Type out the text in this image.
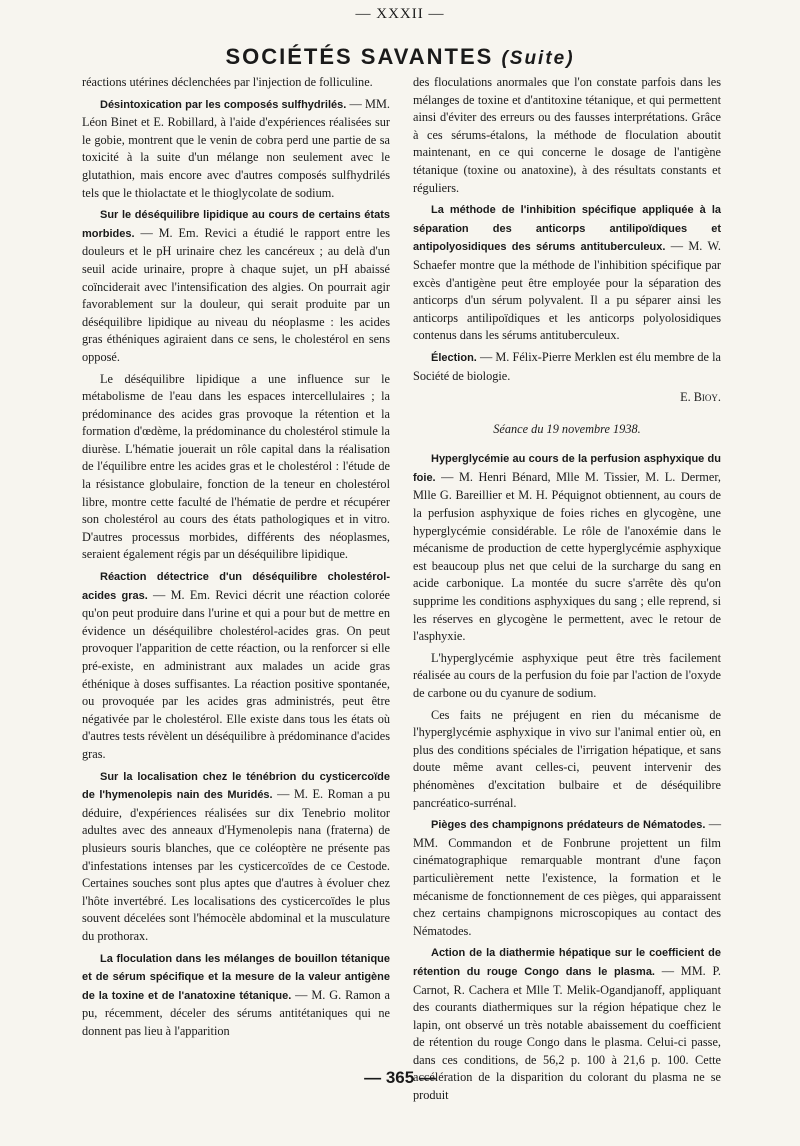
— XXXII —
SOCIÉTÉS SAVANTES (Suite)

réactions utérines déclenchées par l'injection de folliculine.

Désintoxication par les composés sulfhydrilés. — MM. Léon Binet et E. Robillard, à l'aide d'expériences réalisées sur le gobie, montrent que le venin de cobra perd une partie de sa toxicité à la suite d'un mélange non seulement avec le glutathion, mais encore avec d'autres composés sulfhydrilés tels que le thiolactate et le thioglycolate de sodium.

Sur le déséquilibre lipidique au cours de certains états morbides. — M. Em. Revici a étudié le rapport entre les douleurs et le pH urinaire chez les cancéreux ; au delà d'un seuil acide urinaire, propre à chaque sujet, un pH abaissé coïnciderait avec l'intensification des algies. On pourrait agir favorablement sur la douleur, qui serait produite par un déséquilibre lipidique au niveau du néoplasme : les acides gras éthéniques agiraient dans ce sens, le cholestérol en sens opposé.

Le déséquilibre lipidique a une influence sur le métabolisme de l'eau dans les espaces intercellulaires ; la prédominance des acides gras provoque la rétention et la formation d'œdème, la prédominance du cholestérol stimule la diurèse. L'hématie jouerait un rôle capital dans la réalisation de l'équilibre entre les acides gras et le cholestérol : l'étude de la résistance globulaire, fonction de la teneur en cholestérol libre, montre cette faculté de l'hématie de perdre et récupérer son cholestérol au cours des états pathologiques et in vitro. D'autres processus morbides, différents des néoplasmes, seraient également régis par un déséquilibre lipidique.

Réaction détectrice d'un déséquilibre cholestérol-acides gras. — M. Em. Revici décrit une réaction colorée qu'on peut produire dans l'urine et qui a pour but de mettre en évidence un déséquilibre cholestérol-acides gras. On peut provoquer l'apparition de cette réaction, ou la renforcer si elle pré-existe, en administrant aux malades un acide gras éthénique à doses suffisantes. La réaction positive spontanée, ou provoquée par les acides gras administrés, peut être négativée par le cholestérol. Elle existe dans tous les états où d'autres tests révèlent un déséquilibre à prédominance d'acides gras.

Sur la localisation chez le ténébrion du cysticercoïde de l'hymenolepis nain des Muridés. — M. E. Roman a pu déduire, d'expériences réalisées sur dix Tenebrio molitor adultes avec des anneaux d'Hymenolepis nana (fraterna) de plusieurs souris blanches, que ce coléoptère ne présente pas d'infestations intenses par les cysticercoïdes de ce Cestode. Certaines souches sont plus aptes que d'autres à évoluer chez l'hôte invertébré. Les localisations des cysticercoïdes le plus souvent décelées sont l'hémocèle abdominal et la musculature du prothorax.

La floculation dans les mélanges de bouillon tétanique et de sérum spécifique et la mesure de la valeur antigène de la toxine et de l'anatoxine tétanique. — M. G. Ramon a pu, récemment, déceler des sérums antitétaniques qui ne donnent pas lieu à l'apparition

des floculations anormales que l'on constate parfois dans les mélanges de toxine et d'antitoxine tétanique, et qui permettent ainsi d'éviter des erreurs ou des fausses interprétations. Grâce à ces sérums-étalons, la méthode de floculation aboutit maintenant, en ce qui concerne le dosage de l'antigène tétanique (toxine ou anatoxine), à des résultats constants et réguliers.

La méthode de l'inhibition spécifique appliquée à la séparation des anticorps antilipoïdiques et antipolyosidiques des sérums antituberculeux. — M. W. Schaefer montre que la méthode de l'inhibition spécifique par excès d'antigène peut être employée pour la séparation des anticorps d'un sérum polyvalent. Il a pu séparer ainsi les anticorps antilipoïdiques et les anticorps polyolosidiques contenus dans les sérums antituberculeux.

Élection. — M. Félix-Pierre Merklen est élu membre de la Société de biologie.

E. Bioy.
Séance du 19 novembre 1938.

Hyperglycémie au cours de la perfusion asphyxique du foie. — M. Henri Bénard, Mlle M. Tissier, M. L. Dermer, Mlle G. Bareillier et M. H. Péquignot obtiennent, au cours de la perfusion asphyxique de foies riches en glycogène, une hyperglycémie considérable. Le rôle de l'anoxémie dans le mécanisme de production de cette hyperglycémie asphyxique est beaucoup plus net que celui de la surcharge du sang en acide carbonique. La montée du sucre s'arrête dès qu'on supprime les conditions asphyxiques du sang ; elle reprend, si les réserves en glycogène le permettent, avec le retour de l'asphyxie.

L'hyperglycémie asphyxique peut être très facilement réalisée au cours de la perfusion du foie par l'action de l'oxyde de carbone ou du cyanure de sodium.

Ces faits ne préjugent en rien du mécanisme de l'hyperglycémie asphyxique in vivo sur l'animal entier où, en plus des conditions spéciales de l'irrigation hépatique, et sans doute même avant celles-ci, peuvent intervenir des phénomènes d'excitation bulbaire et de déséquilibre pancréatico-surrénal.

Pièges des champignons prédateurs de Nématodes. — MM. Commandon et de Fonbrune projettent un film cinématographique remarquable montrant d'une façon particulièrement nette l'existence, la formation et le mécanisme de fonctionnement de ces pièges, qui apparaissent chez certains champignons microscopiques au contact des Nématodes.

Action de la diathermie hépatique sur le coefficient de rétention du rouge Congo dans le plasma. — MM. P. Carnot, R. Cachera et Mlle T. Melik-Ogandjanoff, appliquant des courants diathermiques sur la région hépatique chez le lapin, ont observé un très notable abaissement du coefficient de rétention du rouge Congo dans le plasma. Celui-ci passe, dans ces conditions, de 56,2 p. 100 à 21,6 p. 100. Cette accélération de la disparition du colorant du plasma ne se produit

— 365 —
